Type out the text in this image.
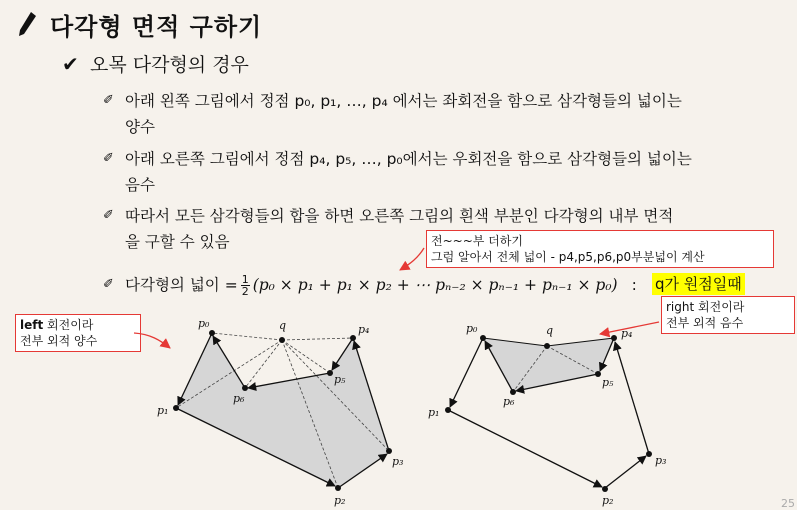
다각형 면적 구하기
✔ 오목 다각형의 경우
✐ 아래 왼쪽 그림에서 정점 p₀, p₁, …, p₄ 에서는 좌회전을 함으로 삼각형들의 넓이는
양수
✐ 아래 오른쪽 그림에서 정점 p₄, p₅, …, p₀에서는 우회전을 함으로 삼각형들의 넓이는
음수
✐ 따라서 모든 삼각형들의 합을 하면 오른쪽 그림의 흰색 부분인 다각형의 내부 면적
을 구할 수 있음
✐ 다각형의 넓이 = $\frac{1}{2} (p_0 \times p_1 + p_1 \times p_2$ + ⋯ pₙ₋₂ × pₙ₋₁ + pₙ₋₁ × p₀) : q가 원점일때
전~~~부 더하기
그럼 알아서 전체 넓이 - p4,p5,p6,p0부분넓이 계산
left 회전이라
전부 외적 양수
right 회전이라
전부 외적 음수
p₀
p₁
p₂
p₃
p₄
p₅
p₆
q	p₀
p₁
p₂
p₃
p₄
p₅
p₆
q
25
